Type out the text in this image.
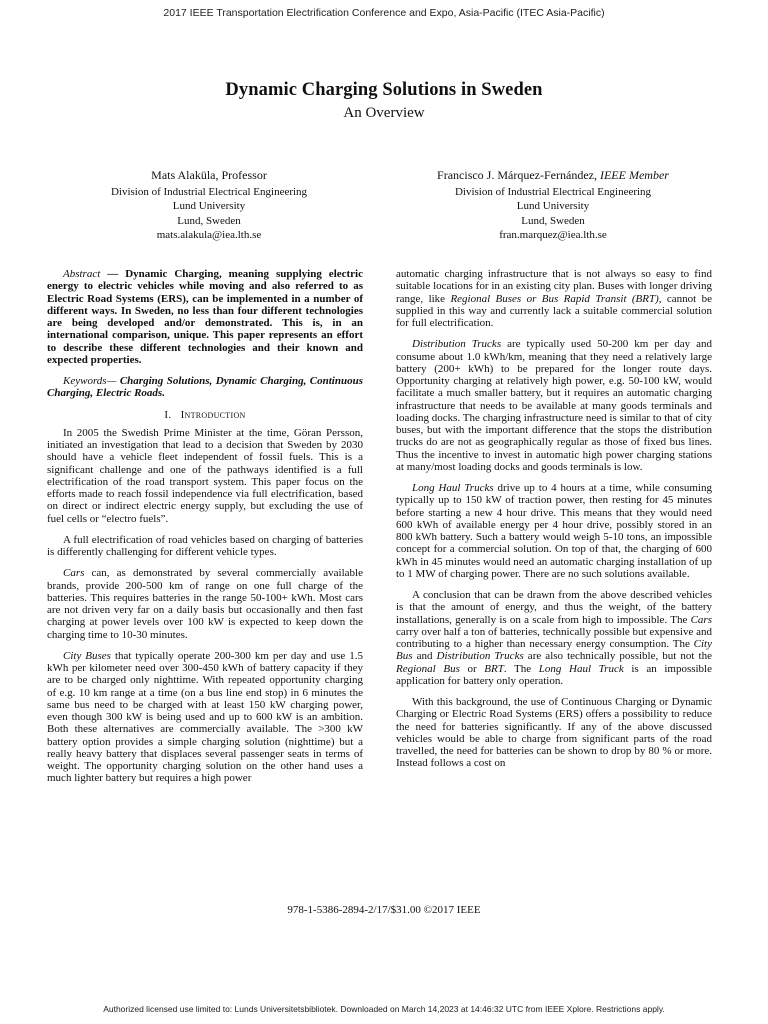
2017 IEEE Transportation Electrification Conference and Expo, Asia-Pacific (ITEC Asia-Pacific)
Dynamic Charging Solutions in Sweden
An Overview
Mats Alaküla, Professor
Division of Industrial Electrical Engineering
Lund University
Lund, Sweden
mats.alakula@iea.lth.se
Francisco J. Márquez-Fernández, IEEE Member
Division of Industrial Electrical Engineering
Lund University
Lund, Sweden
fran.marquez@iea.lth.se

Abstract — Dynamic Charging, meaning supplying electric energy to electric vehicles while moving and also referred to as Electric Road Systems (ERS), can be implemented in a number of different ways. In Sweden, no less than four different technologies are being developed and/or demonstrated. This is, in an international comparison, unique. This paper represents an effort to describe these different technologies and their known and expected properties.

Keywords— Charging Solutions, Dynamic Charging, Continuous Charging, Electric Roads.

I. Introduction

In 2005 the Swedish Prime Minister at the time, Göran Persson, initiated an investigation that lead to a decision that Sweden by 2030 should have a vehicle fleet independent of fossil fuels. This is a significant challenge and one of the pathways identified is a full electrification of the road transport system. This paper focus on the efforts made to reach fossil independence via full electrification, based on direct or indirect electric energy supply, but excluding the use of fuel cells or “electro fuels”.

A full electrification of road vehicles based on charging of batteries is differently challenging for different vehicle types.

Cars can, as demonstrated by several commercially available brands, provide 200-500 km of range on one full charge of the batteries. This requires batteries in the range 50-100+ kWh. Most cars are not driven very far on a daily basis but occasionally and then fast charging at power levels over 100 kW is expected to keep down the charging time to 10-30 minutes.

City Buses that typically operate 200-300 km per day and use 1.5 kWh per kilometer need over 300-450 kWh of battery capacity if they are to be charged only nighttime. With repeated opportunity charging of e.g. 10 km range at a time (on a bus line end stop) in 6 minutes the same bus need to be charged with at least 150 kW charging power, even though 300 kW is being used and up to 600 kW is an ambition. Both these alternatives are commercially available. The >300 kW battery option provides a simple charging solution (nighttime) but a really heavy battery that displaces several passenger seats in terms of weight. The opportunity charging solution on the other hand uses a much lighter battery but requires a high power

automatic charging infrastructure that is not always so easy to find suitable locations for in an existing city plan. Buses with longer driving range, like Regional Buses or Bus Rapid Transit (BRT), cannot be supplied in this way and currently lack a suitable commercial solution for full electrification.

Distribution Trucks are typically used 50-200 km per day and consume about 1.0 kWh/km, meaning that they need a relatively large battery (200+ kWh) to be prepared for the longer route days. Opportunity charging at relatively high power, e.g. 50-100 kW, would facilitate a much smaller battery, but it requires an automatic charging infrastructure that needs to be available at many goods terminals and loading docks. The charging infrastructure need is similar to that of city buses, but with the important difference that the stops the distribution trucks do are not as geographically regular as those of fixed bus lines. Thus the incentive to invest in automatic high power charging stations at many/most loading docks and goods terminals is low.

Long Haul Trucks drive up to 4 hours at a time, while consuming typically up to 150 kW of traction power, then resting for 45 minutes before starting a new 4 hour drive. This means that they would need 600 kWh of available energy per 4 hour drive, possibly stored in an 800 kWh battery. Such a battery would weigh 5-10 tons, an impossible concept for a commercial solution. On top of that, the charging of 600 kWh in 45 minutes would need an automatic charging installation of up to 1 MW of charging power. There are no such solutions available.

A conclusion that can be drawn from the above described vehicles is that the amount of energy, and thus the weight, of the battery installations, generally is on a scale from high to impossible. The Cars carry over half a ton of batteries, technically possible but expensive and contributing to a higher than necessary energy consumption. The City Bus and Distribution Trucks are also technically possible, but not the Regional Bus or BRT. The Long Haul Truck is an impossible application for battery only operation.

With this background, the use of Continuous Charging or Dynamic Charging or Electric Road Systems (ERS) offers a possibility to reduce the need for batteries significantly. If any of the above discussed vehicles would be able to charge from significant parts of the road travelled, the need for batteries can be shown to drop by 80 % or more. Instead follows a cost on

978-1-5386-2894-2/17/$31.00 ©2017 IEEE
Authorized licensed use limited to: Lunds Universitetsbibliotek. Downloaded on March 14,2023 at 14:46:32 UTC from IEEE Xplore. Restrictions apply.
